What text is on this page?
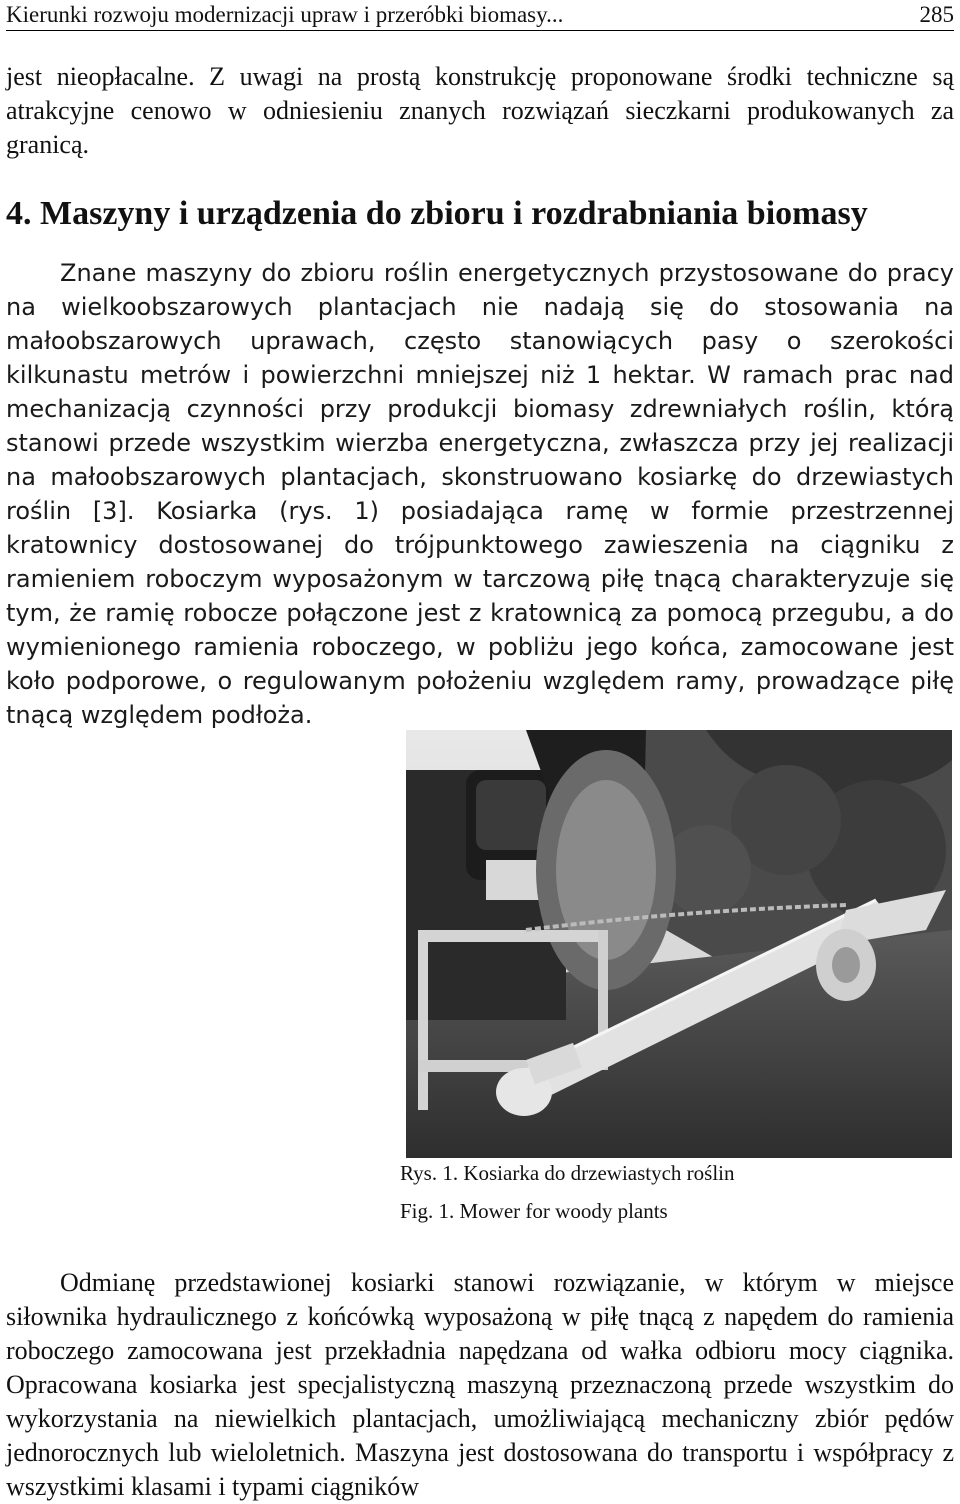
Kierunki rozwoju modernizacji upraw i przeróbki biomasy...	285

jest nieopłacalne. Z uwagi na prostą konstrukcję proponowane środki techniczne są atrakcyjne cenowo w odniesieniu znanych rozwiązań sieczkarni produkowanych za granicą.

4. Maszyny i urządzenia do zbioru i rozdrabniania biomasy

Znane maszyny do zbioru roślin energetycznych przystosowane do pracy na wielkoobszarowych plantacjach nie nadają się do stosowania na małoobszarowych uprawach, często stanowiących pasy o szerokości kilkunastu metrów i powierzchni mniejszej niż 1 hektar. W ramach prac nad mechanizacją czynności przy produkcji biomasy zdrewniałych roślin, którą stanowi przede wszystkim wierzba energetyczna, zwłaszcza przy jej realizacji na małoobszarowych plantacjach, skonstruowano kosiarkę do drzewiastych roślin [3]. Kosiarka (rys. 1) posiadająca ramę w formie przestrzennej kratownicy dostosowanej do trójpunktowego zawieszenia na ciągniku z ramieniem roboczym wyposażonym w tarczową piłę tnącą charakteryzuje się tym, że ramię robocze połączone jest z kratownicą za pomocą przegubu, a do wymienionego ramienia roboczego, w pobliżu jego końca, zamocowane jest koło podporowe, o regulowanym położeniu względem ramy, prowadzące piłę tnącą względem podłoża.

Rys. 1. Kosiarka do drzewiastych roślin
Fig. 1. Mower for woody plants

Odmianę przedstawionej kosiarki stanowi rozwiązanie, w którym w miejsce siłownika hydraulicznego z końcówką wyposażoną w piłę tnącą z napędem do ramienia roboczego zamocowana jest przekładnia napędzana od wałka odbioru mocy ciągnika. Opracowana kosiarka jest specjalistyczną maszyną przeznaczoną przede wszystkim do wykorzystania na niewielkich plantacjach, umożliwiającą mechaniczny zbiór pędów jednorocznych lub wieloletnich. Maszyna jest dostosowana do transportu i współpracy z wszystkimi klasami i typami ciągników
